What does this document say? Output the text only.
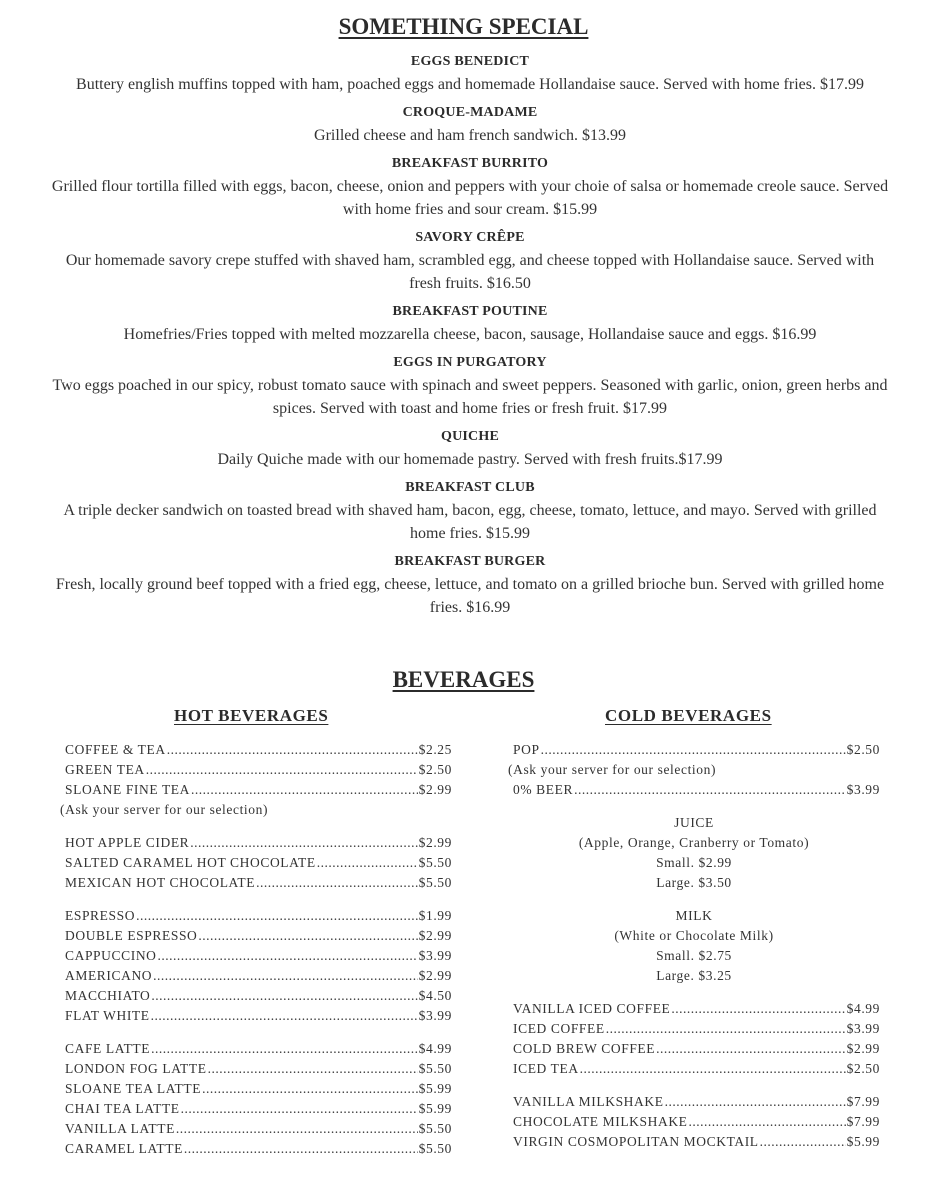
SOMETHING SPECIAL
EGGS BENEDICT
Buttery english muffins topped with ham, poached eggs and homemade Hollandaise sauce. Served with home fries. $17.99
CROQUE-MADAME
Grilled cheese and ham french sandwich. $13.99
BREAKFAST BURRITO
Grilled flour tortilla filled with eggs, bacon, cheese, onion and peppers with your choie of salsa or homemade creole sauce. Served with home fries and sour cream. $15.99
SAVORY CRÊPE
Our homemade savory crepe stuffed with shaved ham, scrambled egg, and cheese topped with Hollandaise sauce. Served with fresh fruits. $16.50
BREAKFAST POUTINE
Homefries/Fries topped with melted mozzarella cheese, bacon, sausage, Hollandaise sauce and eggs. $16.99
EGGS IN PURGATORY
Two eggs poached in our spicy, robust tomato sauce with spinach and sweet peppers. Seasoned with garlic, onion, green herbs and spices. Served with toast and home fries or fresh fruit. $17.99
QUICHE
Daily Quiche made with our homemade pastry. Served with fresh fruits.$17.99
BREAKFAST CLUB
A triple decker sandwich on toasted bread with shaved ham, bacon, egg, cheese, tomato, lettuce, and mayo. Served with grilled home fries. $15.99
BREAKFAST BURGER
Fresh, locally ground beef topped with a fried egg, cheese, lettuce, and tomato on a grilled brioche bun. Served with grilled home fries. $16.99
BEVERAGES
HOT BEVERAGES	COLD BEVERAGES
COFFEE & TEA .....	$2.25
GREEN TEA .....	$2.50
SLOANE FINE TEA .....	$2.99
(Ask your server for our selection)
HOT APPLE CIDER .....	$2.99
SALTED CARAMEL HOT CHOCOLATE .....	$5.50
MEXICAN HOT CHOCOLATE .....	$5.50
ESPRESSO .....	$1.99
DOUBLE ESPRESSO .....	$2.99
CAPPUCCINO .....	$3.99
AMERICANO .....	$2.99
MACCHIATO .....	$4.50
FLAT WHITE .....	$3.99
CAFE LATTE .....	$4.99
LONDON FOG LATTE .....	$5.50
SLOANE TEA LATTE .....	$5.99
CHAI TEA LATTE .....	$5.99
VANILLA LATTE .....	$5.50
CARAMEL LATTE .....	$5.50
POP .....	$2.50
(Ask your server for our selection)
0% BEER .....	$3.99
JUICE
(Apple, Orange, Cranberry or Tomato)
Small. $2.99
Large. $3.50
MILK
(White or Chocolate Milk)
Small. $2.75
Large. $3.25
VANILLA ICED COFFEE .....	$4.99
ICED COFFEE .....	$3.99
COLD BREW COFFEE .....	$2.99
ICED TEA .....	$2.50
VANILLA MILKSHAKE .....	$7.99
CHOCOLATE MILKSHAKE .....	$7.99
VIRGIN COSMOPOLITAN MOCKTAIL .....	$5.99
